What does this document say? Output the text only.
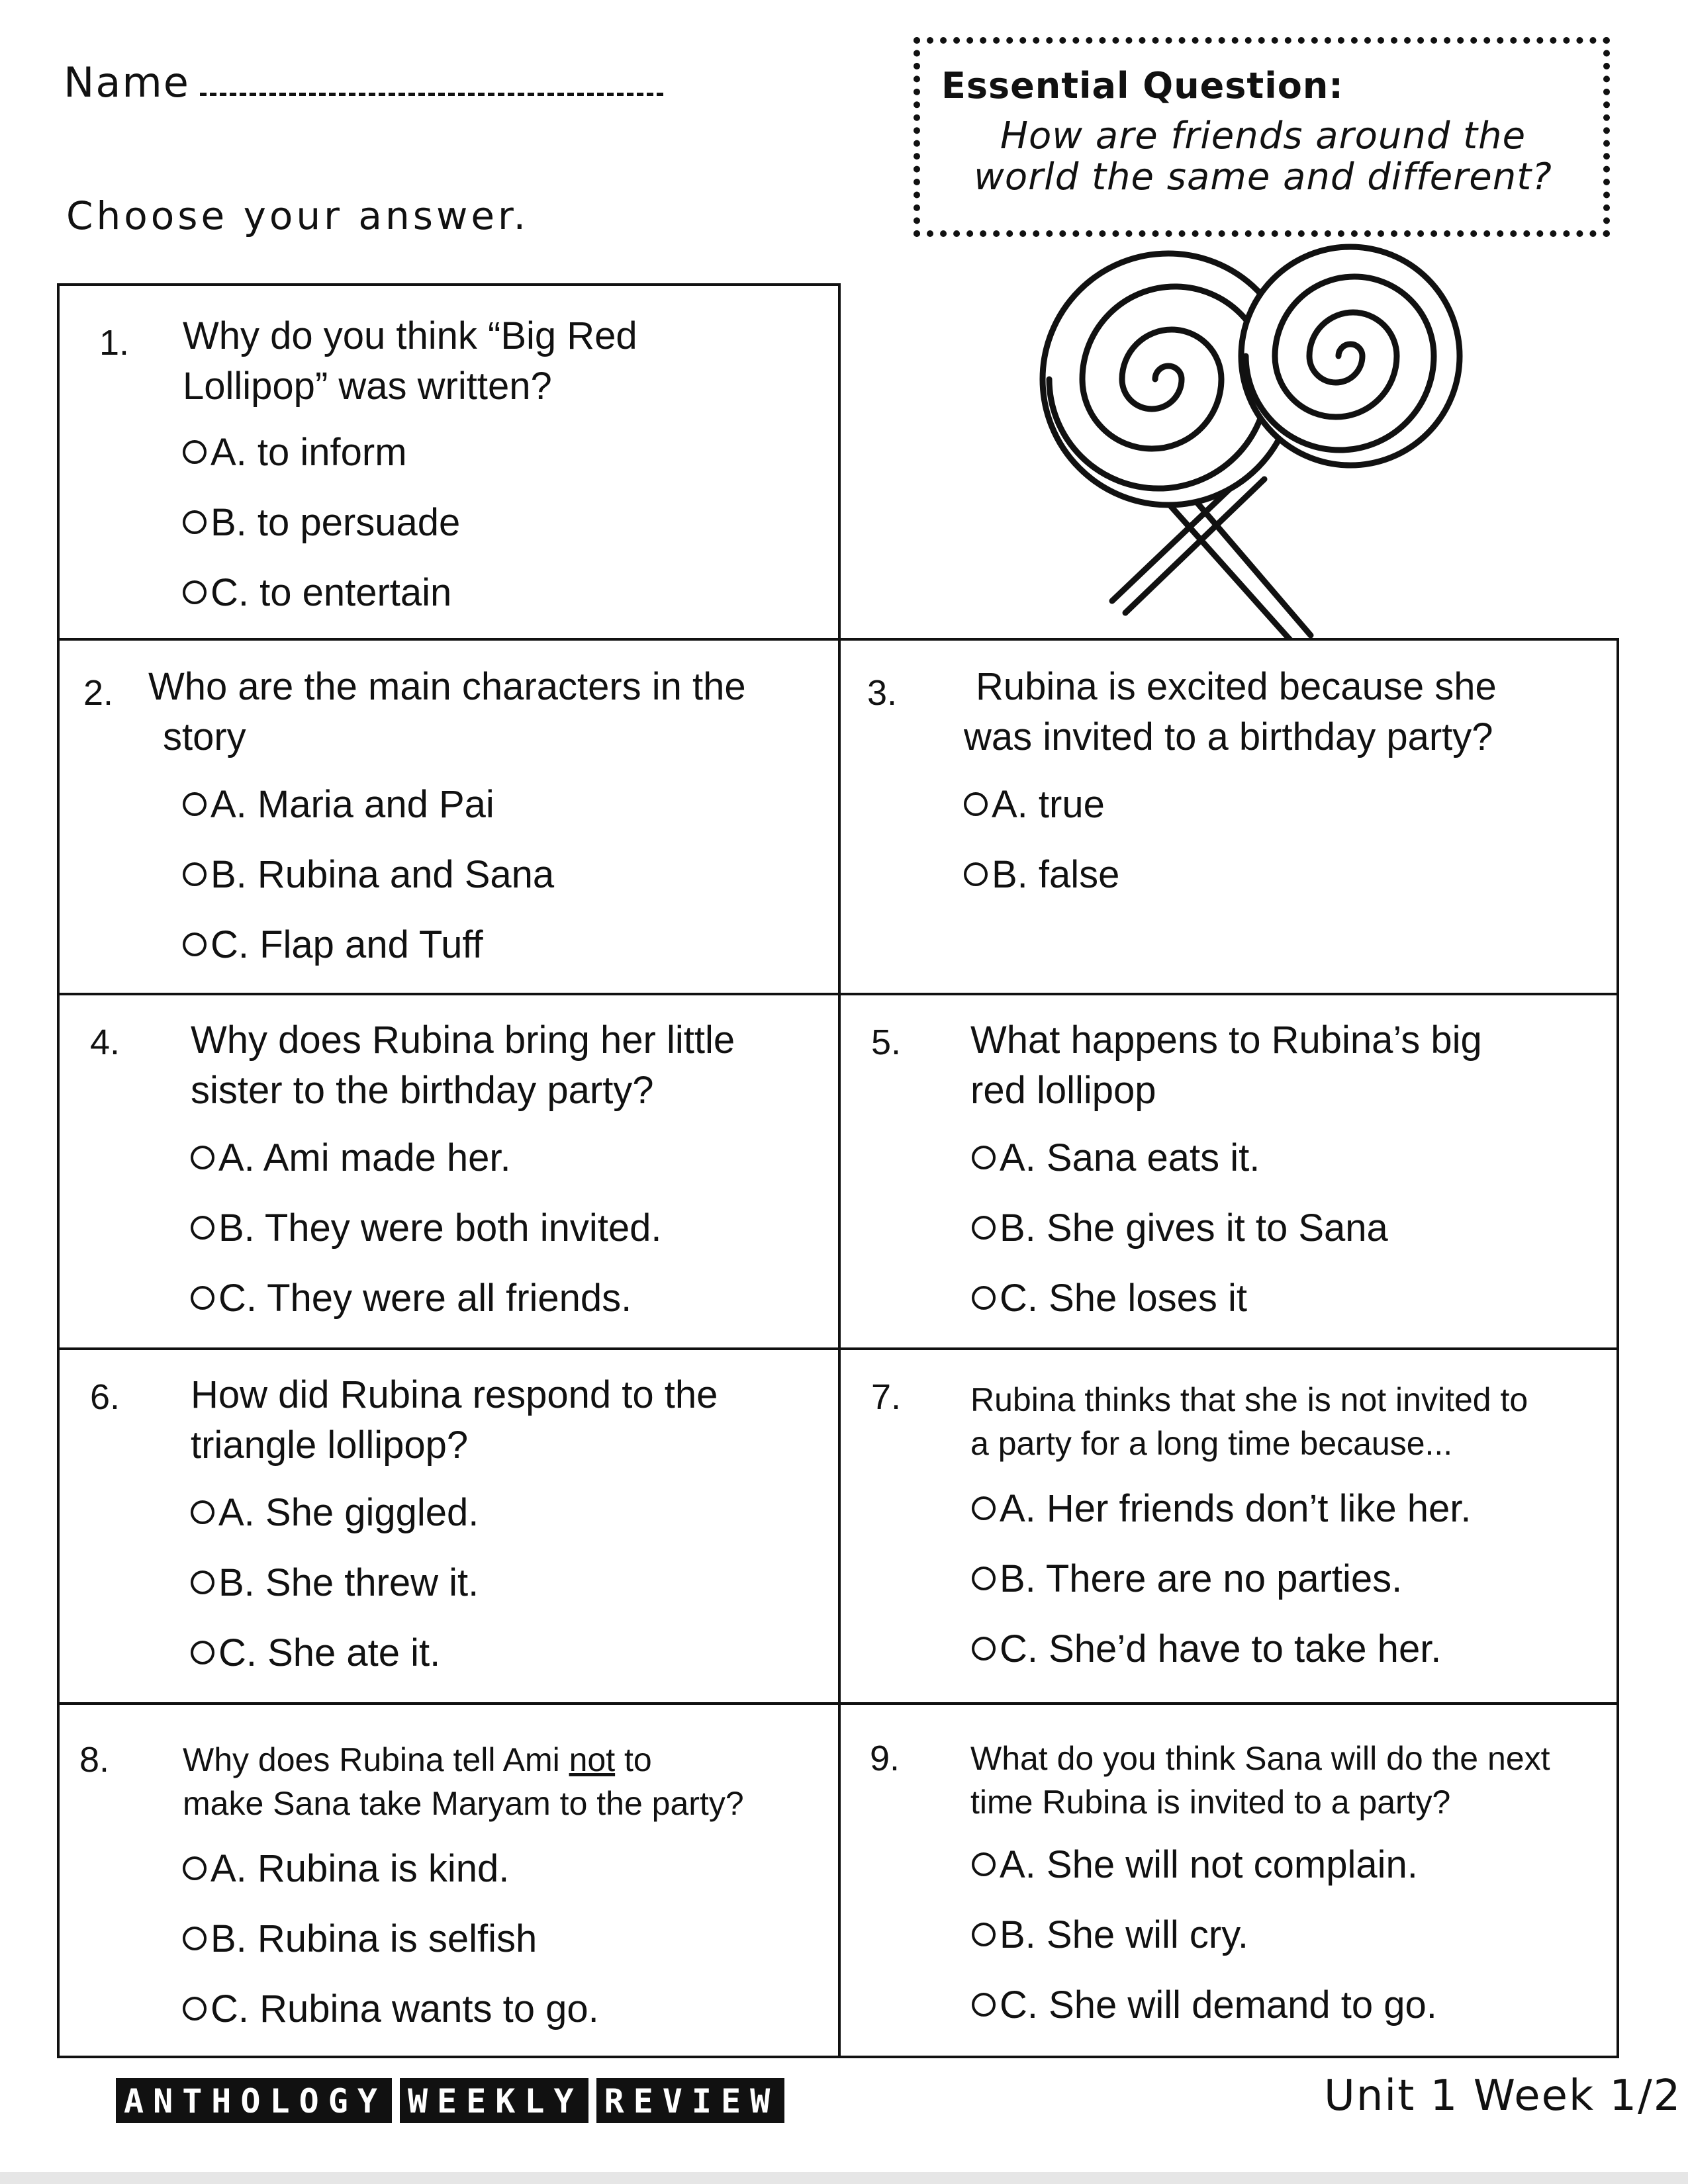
Name
Choose your answer.
Essential Question:
How are friends around the
world the same and different?
1. Why do you think “Big Red
Lollipop” was written?
A. to inform
B. to persuade
C. to entertain
2. Who are the main characters in the
story
A. Maria and Pai
B. Rubina and Sana
C. Flap and Tuff
3.	Rubina is excited because she
was invited to a birthday party?
A. true
B. false
4. Why does Rubina bring her little
sister to the birthday party?
A. Ami made her.
B. They were both invited.
C. They were all friends.
5. What happens to Rubina’s big
red lollipop
A. Sana eats it.
B. She gives it to Sana
C. She loses it
6. How did Rubina respond to the
triangle lollipop?
A. She giggled.
B. She threw it.
C. She ate it.
7. Rubina thinks that she is not invited to
a party for a long time because...
A. Her friends don’t like her.
B. There are no parties.
C. She’d have to take her.
8. Why does Rubina tell Ami not to
make Sana take Maryam to the party?
A. Rubina is kind.
B. Rubina is selfish
C. Rubina wants to go.
9. What do you think Sana will do the next
time Rubina is invited to a party?
A. She will not complain.
B. She will cry.
C. She will demand to go.
ANTHOLOGY WEEKLY REVIEW	Unit 1 Week 1/2
